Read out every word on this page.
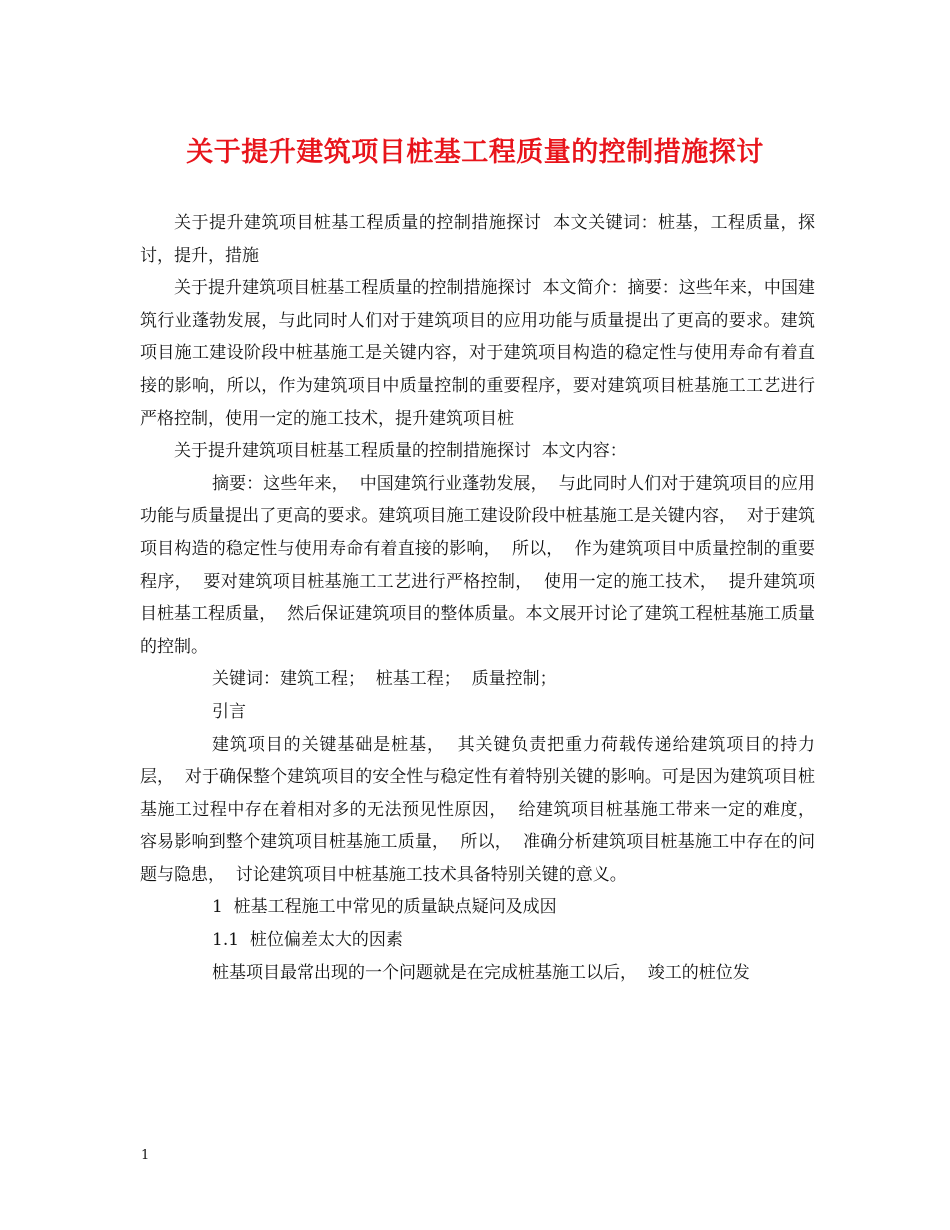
关于提升建筑项目桩基工程质量的控制措施探讨

关于提升建筑项目桩基工程质量的控制措施探讨  本文关键词：桩基，工程质量，探讨，提升，措施

关于提升建筑项目桩基工程质量的控制措施探讨  本文简介：摘要：这些年来，中国建筑行业蓬勃发展，与此同时人们对于建筑项目的应用功能与质量提出了更高的要求。建筑项目施工建设阶段中桩基施工是关键内容，对于建筑项目构造的稳定性与使用寿命有着直接的影响，所以，作为建筑项目中质量控制的重要程序，要对建筑项目桩基施工工艺进行严格控制，使用一定的施工技术，提升建筑项目桩

关于提升建筑项目桩基工程质量的控制措施探讨  本文内容：

摘要：这些年来，  中国建筑行业蓬勃发展，  与此同时人们对于建筑项目的应用功能与质量提出了更高的要求。建筑项目施工建设阶段中桩基施工是关键内容，  对于建筑项目构造的稳定性与使用寿命有着直接的影响，  所以，  作为建筑项目中质量控制的重要程序，  要对建筑项目桩基施工工艺进行严格控制，  使用一定的施工技术，  提升建筑项目桩基工程质量，  然后保证建筑项目的整体质量。本文展开讨论了建筑工程桩基施工质量的控制。

关键词：建筑工程；  桩基工程；  质量控制；

引言

建筑项目的关键基础是桩基，  其关键负责把重力荷载传递给建筑项目的持力层，  对于确保整个建筑项目的安全性与稳定性有着特别关键的影响。可是因为建筑项目桩基施工过程中存在着相对多的无法预见性原因，  给建筑项目桩基施工带来一定的难度，  容易影响到整个建筑项目桩基施工质量，  所以，  准确分析建筑项目桩基施工中存在的问题与隐患，  讨论建筑项目中桩基施工技术具备特别关键的意义。

1  桩基工程施工中常见的质量缺点疑问及成因

1.1  桩位偏差太大的因素

桩基项目最常出现的一个问题就是在完成桩基施工以后，  竣工的桩位发

1
